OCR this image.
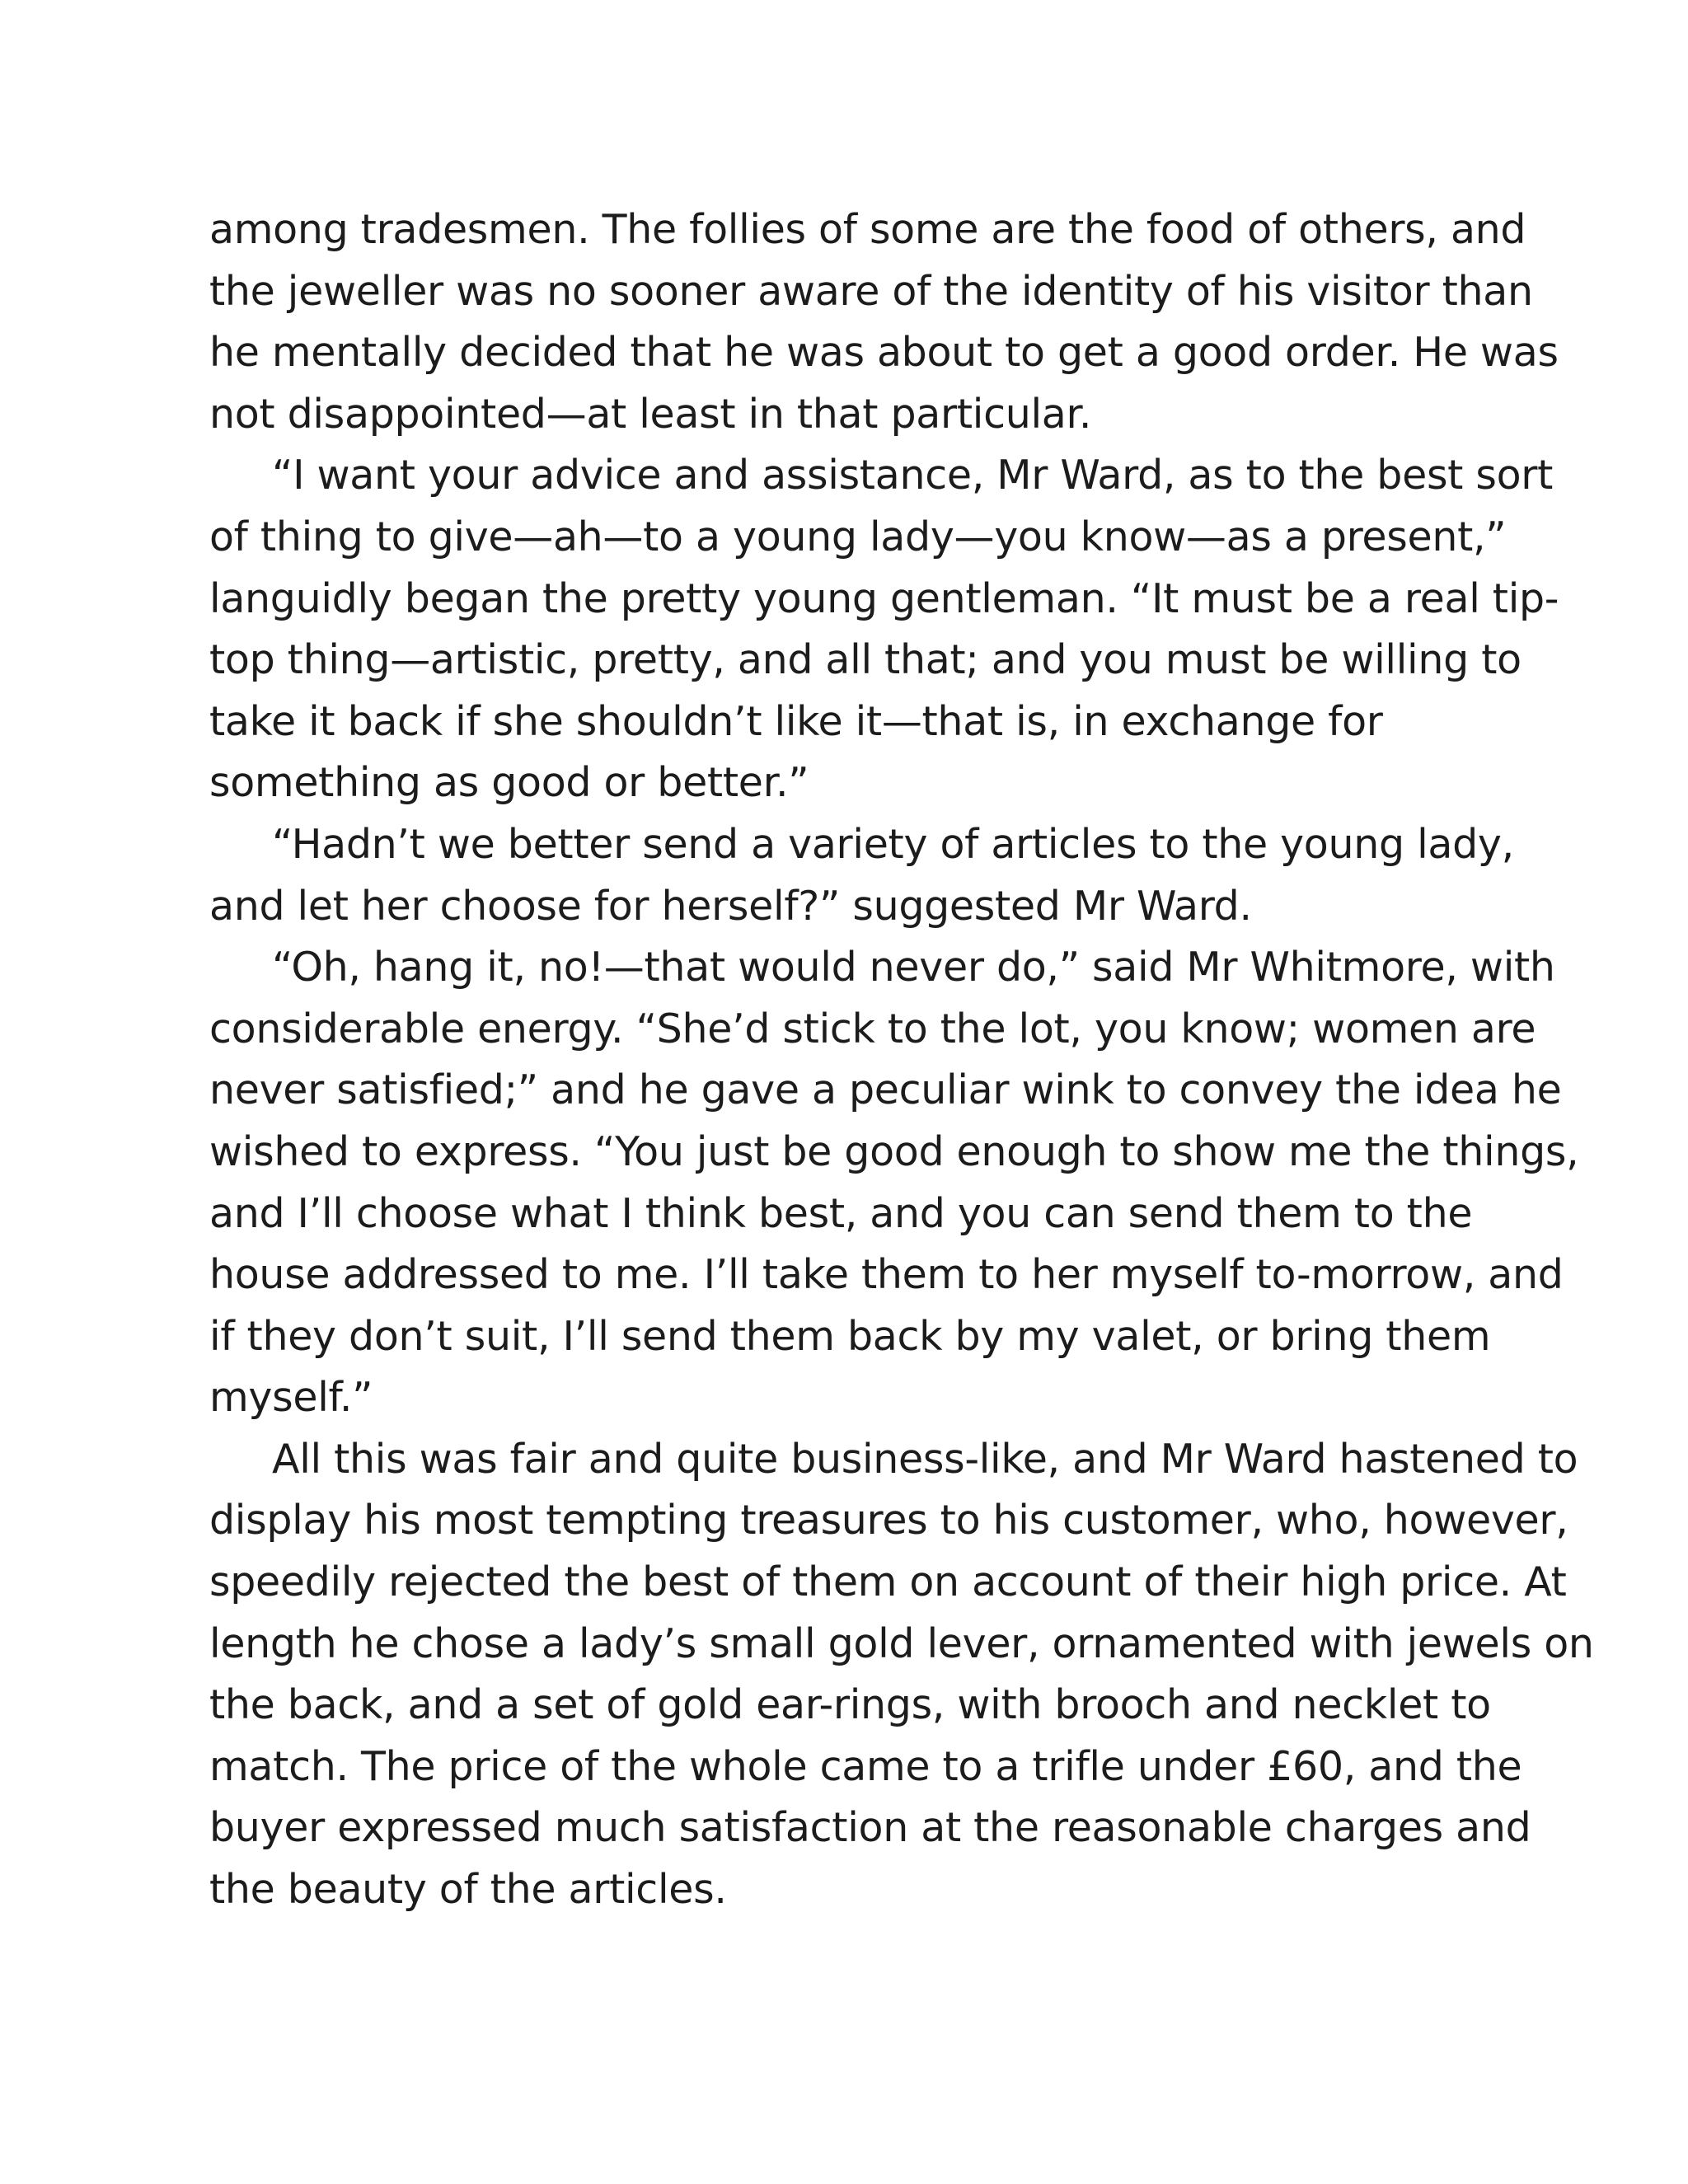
among tradesmen. The follies of some are the food of others, and
the jeweller was no sooner aware of the identity of his visitor than
he mentally decided that he was about to get a good order. He was
not disappointed—at least in that particular.
“I want your advice and assistance, Mr Ward, as to the best sort
of thing to give—ah—to a young lady—you know—as a present,”
languidly began the pretty young gentleman. “It must be a real tip-
top thing—artistic, pretty, and all that; and you must be willing to
take it back if she shouldn’t like it—that is, in exchange for
something as good or better.”
“Hadn’t we better send a variety of articles to the young lady,
and let her choose for herself?” suggested Mr Ward.
“Oh, hang it, no!—that would never do,” said Mr Whitmore, with
considerable energy. “She’d stick to the lot, you know; women are
never satisfied;” and he gave a peculiar wink to convey the idea he
wished to express. “You just be good enough to show me the things,
and I’ll choose what I think best, and you can send them to the
house addressed to me. I’ll take them to her myself to-morrow, and
if they don’t suit, I’ll send them back by my valet, or bring them
myself.”
All this was fair and quite business-like, and Mr Ward hastened to
display his most tempting treasures to his customer, who, however,
speedily rejected the best of them on account of their high price. At
length he chose a lady’s small gold lever, ornamented with jewels on
the back, and a set of gold ear-rings, with brooch and necklet to
match. The price of the whole came to a trifle under £60, and the
buyer expressed much satisfaction at the reasonable charges and
the beauty of the articles.
